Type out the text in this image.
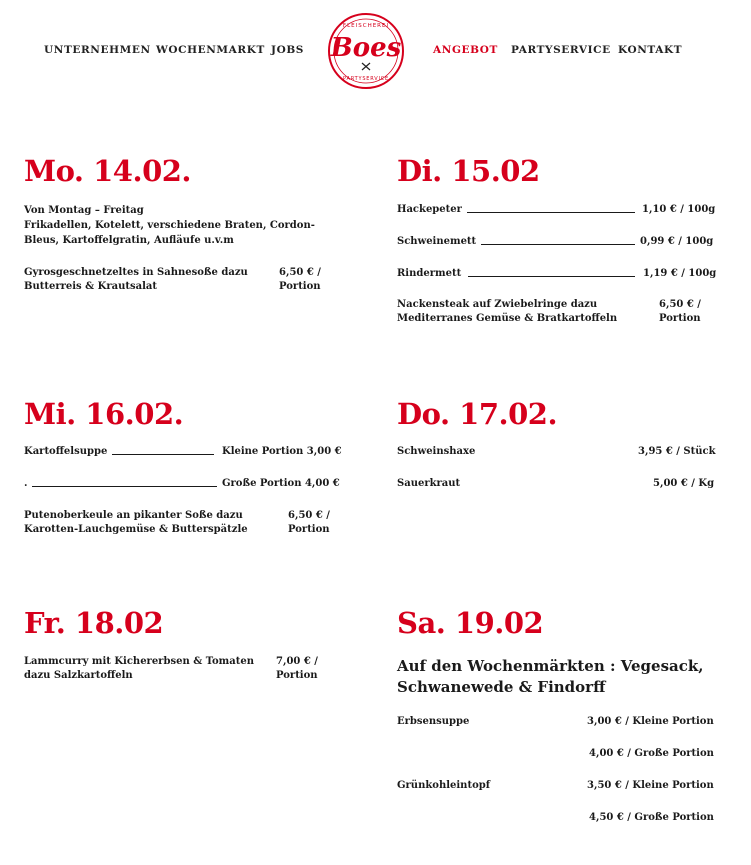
UNTERNEHMEN WOCHENMARKT JOBS
FLEISCHEREI
Boes
PARTYSERVICE
ANGEBOT PARTYSERVICE KONTAKT
Mo. 14.02.

Von Montag – Freitag

Frikadellen, Kotelett, verschiedene Braten, Cordon-

Bleus, Kartoffelgratin, Aufläufe u.v.m

Gyrosgeschnetzeltes in Sahnesoße dazu

Butterreis & Krautsalat

6,50 € /
Portion
Di. 15.02

Hackepeter	1,10 € / 100g

Schweinemett	0,99 € / 100g

Rindermett	1,19 € / 100g

Nackensteak auf Zwiebelringe dazu

Mediterranes Gemüse & Bratkartoffeln

6,50 € /
Portion
Mi. 16.02.

Kartoffelsuppe	Kleine Portion 3,00 €

.	Große Portion 4,00 €

Putenoberkeule an pikanter Soße dazu

Karotten-Lauchgemüse & Butterspätzle

6,50 € /
Portion
Do. 17.02.

Schweinshaxe	3,95 € / Stück

Sauerkraut	5,00 € / Kg
Fr. 18.02

Lammcurry mit Kichererbsen & Tomaten

dazu Salzkartoffeln

7,00 € /
Portion
Sa. 19.02

Auf den Wochenmärkten : Vegesack,

Schwanewede & Findorff

Erbsensuppe	3,00 € / Kleine Portion
4,00 € / Große Portion

Grünkohleintopf	3,50 € / Kleine Portion
4,50 € / Große Portion
